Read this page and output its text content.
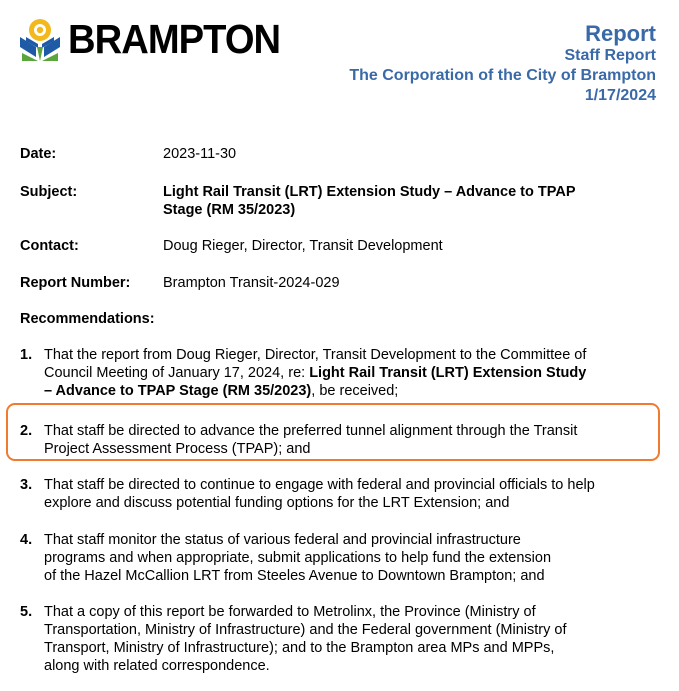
BRAMPTON	Report
Staff Report
The Corporation of the City of Brampton
1/17/2024
Date:	2023-11-30
Subject:	Light Rail Transit (LRT) Extension Study – Advance to TPAP
Stage (RM 35/2023)
Contact:	Doug Rieger, Director, Transit Development
Report Number: Brampton Transit-2024-029
Recommendations:
1. That the report from Doug Rieger, Director, Transit Development to the Committee of
Council Meeting of January 17, 2024, re: Light Rail Transit (LRT) Extension Study
– Advance to TPAP Stage (RM 35/2023), be received;
2. That staff be directed to advance the preferred tunnel alignment through the Transit
Project Assessment Process (TPAP); and
3. That staff be directed to continue to engage with federal and provincial officials to help
explore and discuss potential funding options for the LRT Extension; and
4. That staff monitor the status of various federal and provincial infrastructure
programs and when appropriate, submit applications to help fund the extension
of the Hazel McCallion LRT from Steeles Avenue to Downtown Brampton; and
5. That a copy of this report be forwarded to Metrolinx, the Province (Ministry of
Transportation, Ministry of Infrastructure) and the Federal government (Ministry of
Transport, Ministry of Infrastructure); and to the Brampton area MPs and MPPs,
along with related correspondence.
